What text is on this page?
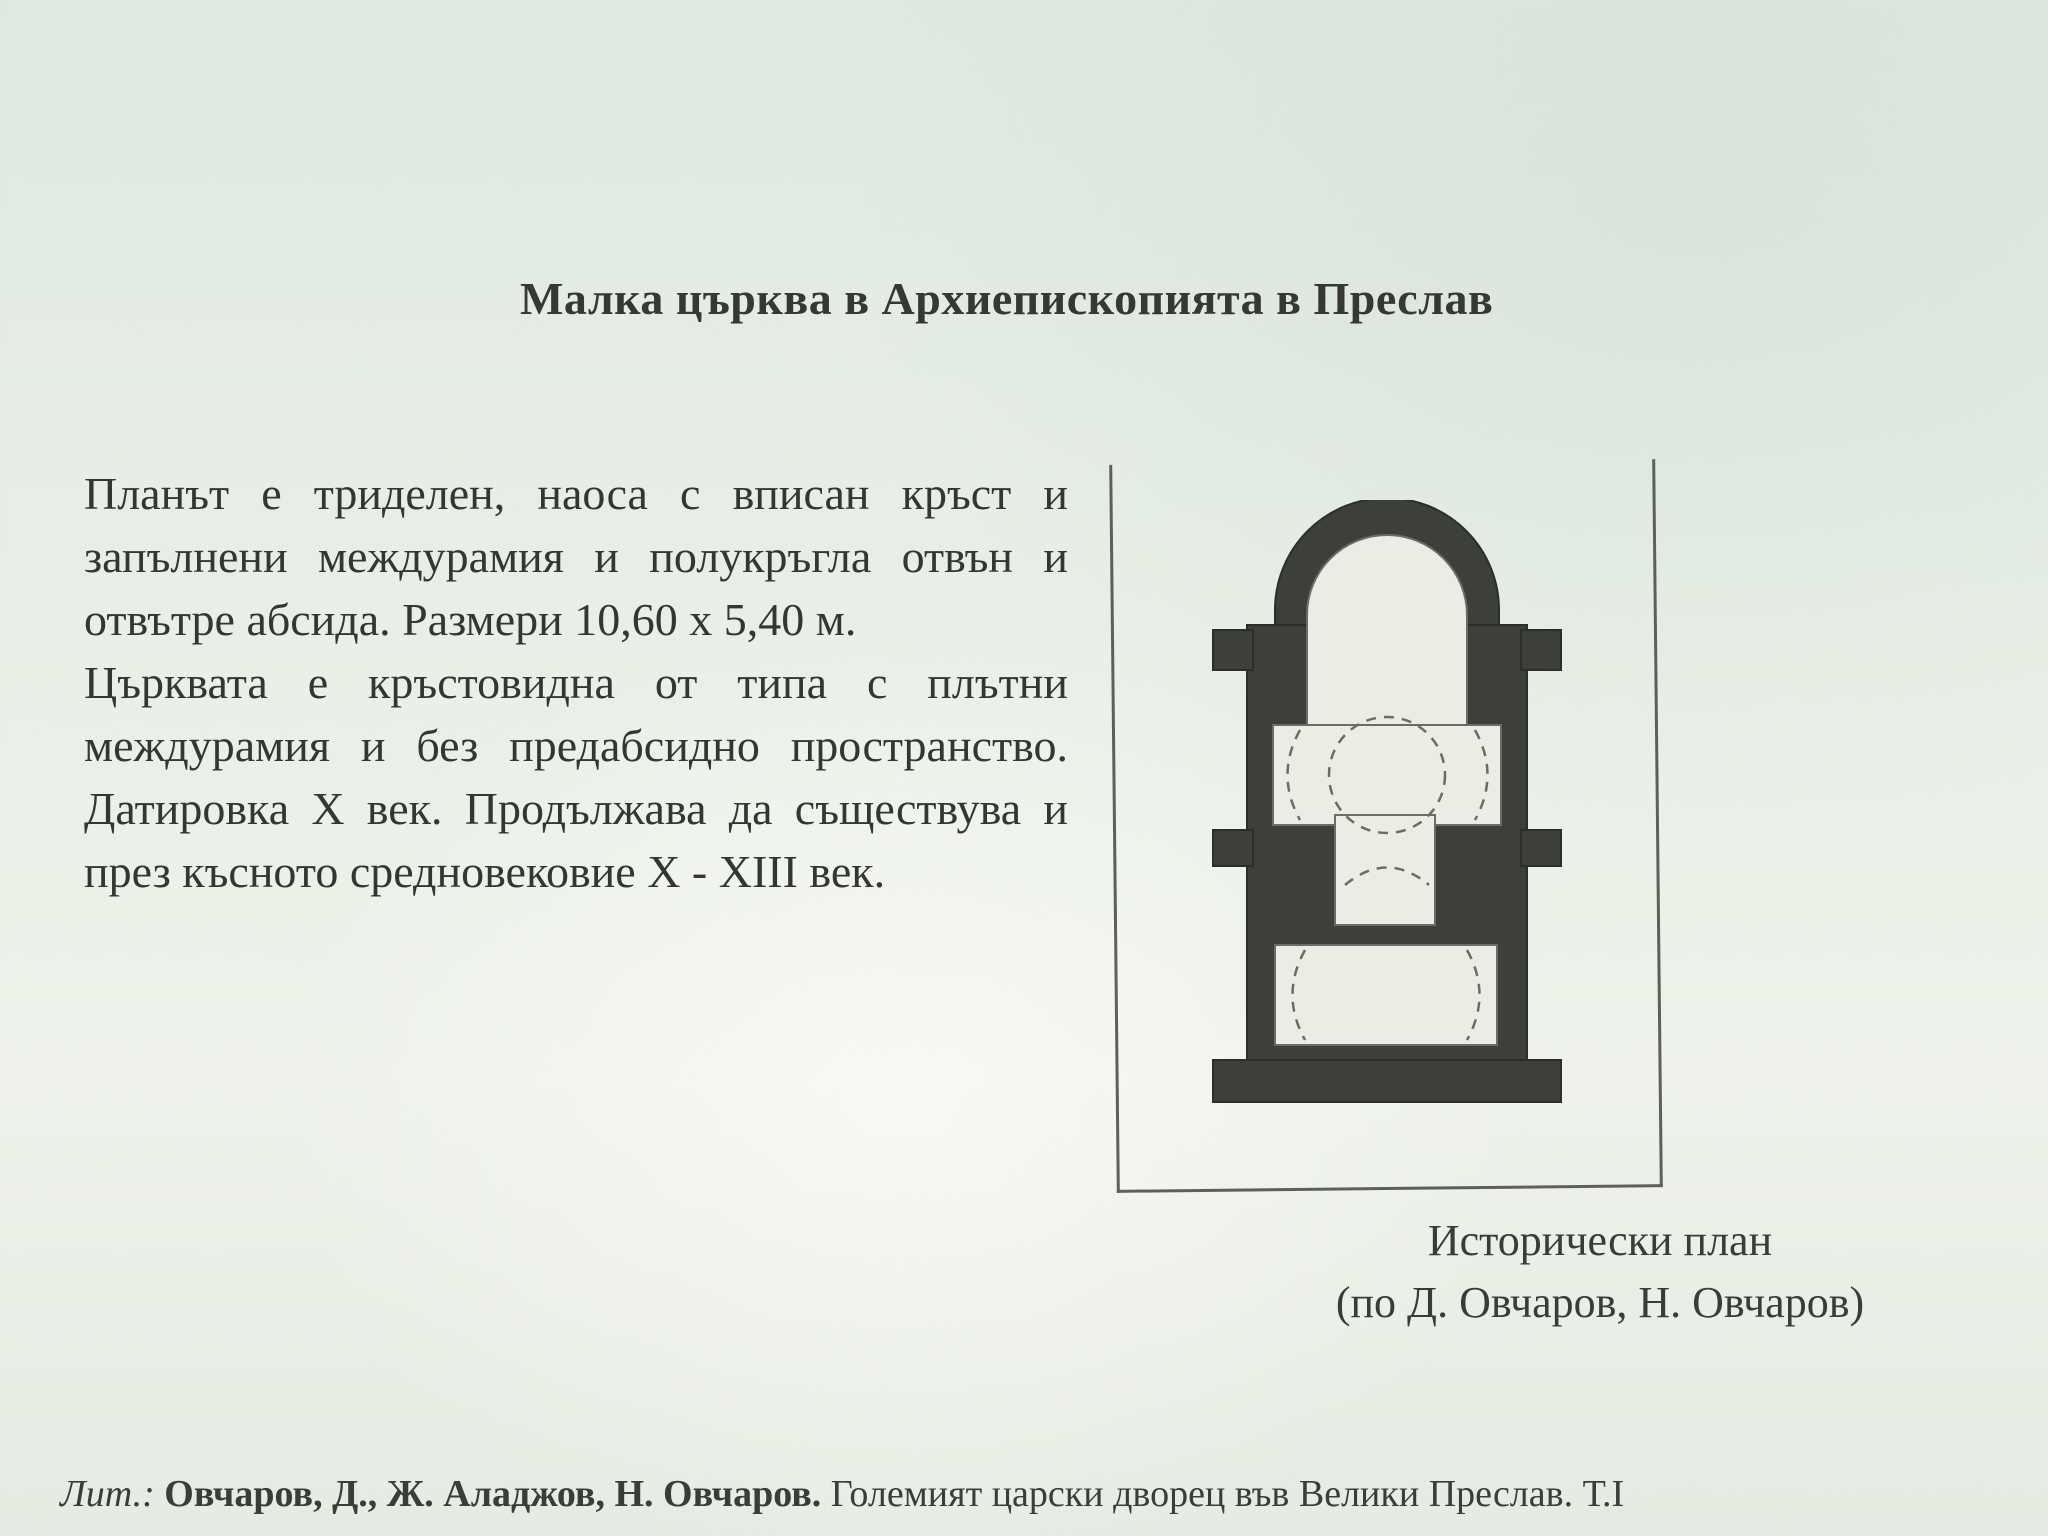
Малка църква в Архиепископията в Преслав

Планът е триделен, наоса с вписан кръст и запълнени междурамия и полукръгла отвън и отвътре абсида. Размери 10,60 х 5,40 м.

Църквата е кръстовидна от типа с плътни междурамия и без предабсидно пространство. Датировка Х век. Продължава да съществува и през късното средновековие Х - XIII век.

Исторически план
(по Д. Овчаров, Н. Овчаров)
Лит.: Овчаров, Д., Ж. Аладжов, Н. Овчаров. Големият царски дворец във Велики Преслав. Т.I
